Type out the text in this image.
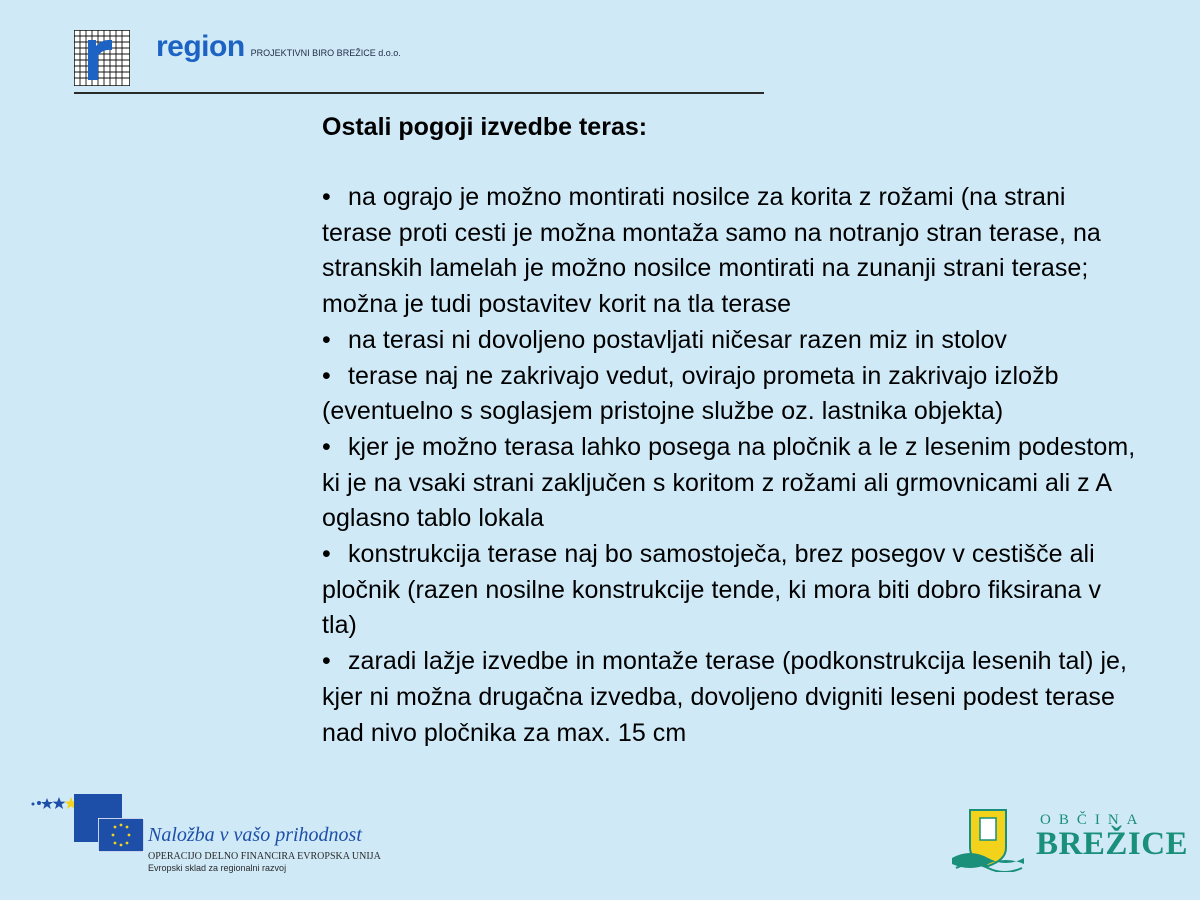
region PROJEKTIVNI BIRO BREŽICE d.o.o.
Ostali pogoji izvedbe teras:
• na ograjo je možno montirati nosilce za korita z rožami (na strani terase proti cesti je možna montaža samo na notranjo stran terase, na stranskih lamelah je možno nosilce montirati na zunanji strani terase; možna je tudi postavitev korit na tla terase
• na terasi ni dovoljeno postavljati ničesar razen miz in stolov
• terase naj ne zakrivajo vedut, ovirajo prometa in zakrivajo izložb (eventuelno s soglasjem pristojne službe oz. lastnika objekta)
• kjer je možno terasa lahko posega na pločnik a le z lesenim podestom, ki je na vsaki strani zaključen s koritom z rožami ali grmovnicami ali z A oglasno tablo lokala
• konstrukcija terase naj bo samostoječa, brez posegov v cestišče ali pločnik (razen nosilne konstrukcije tende, ki mora biti dobro fiksirana v tla)
• zaradi lažje izvedbe in montaže terase (podkonstrukcija lesenih tal) je, kjer ni možna drugačna izvedba, dovoljeno dvigniti leseni podest terase nad nivo pločnika za max. 15 cm
Naložba v vašo prihodnost
OPERACIJO DELNO FINANCIRA EVROPSKA UNIJA
Evropski sklad za regionalni razvoj
OBČINA
BREŽICE
